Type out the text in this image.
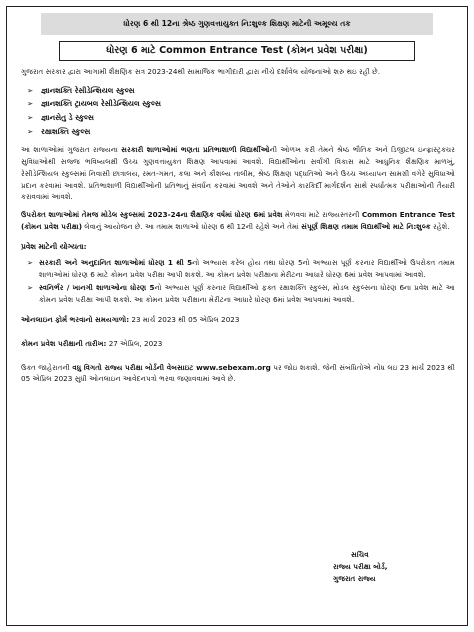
ધોરણ 6 થી 12ના શ્રેષ્ઠ ગુણવત્તાયુક્ત નિ:શુલ્ક શિક્ષણ માટેની અમૂલ્ય તક
ધોરણ 6 માટે Common Entrance Test (કોમન પ્રવેશ પરીક્ષા)

ગુજરાત સરકાર દ્વારા આગામી શૈક્ષણિક સત્ર 2023-24થી સામાજિક ભાગીદારી દ્વારા નીચે દર્શાવેલ યોજનાઓ શરુ થઇ રહી છે.

➢ જ્ઞાનશક્તિ રેસીડેન્શિયલ સ્કુલ્સ
➢ જ્ઞાનશક્તિ ટ્રાયબલ રેસીડેન્શિયલ સ્કુલ્સ
➢ જ્ઞાનસેતુ ડે સ્કુલ્સ
➢ રક્ષાશક્તિ સ્કુલ્સ

આ શાળાઓમાં ગુજરાત રાજ્યના સરકારી શાળાઓમાં ભણતા પ્રતિભાશાળી વિદ્યાર્થીઓની ઓળખ કરી તેમને શ્રેષ્ઠ ભૌતિક અને ડિજીટલ ઇન્ફ્રાસ્ટ્રક્ચર સુવિધાઓથી સજ્જ ભવિષ્યલક્ષી ઉચ્ચ ગુણવત્તાયુક્ત શિક્ષણ આપવામાં આવશે. વિદ્યાર્થીઓના સર્વાંગી વિકાસ માટે આધુનિક શૈક્ષણિક માળખું, રેસીડેન્શિયલ સ્કુલ્સમાં નિવાસી છાત્રાલય, રમત-ગમત, કલા અને કૌશલ્ય તાલીમ, શ્રેષ્ઠ શિક્ષણ પદ્ધતિઓ અને ઉચ્ચ અધ્યાપન સામગ્રી વગેરે સુવિધાઓ પ્રદાન કરવામાં આવશે. પ્રતિભાશાળી વિદ્યાર્થીઓની પ્રતિભાનું સંવર્ધન કરવામાં આવશે અને તેઓને કારકિર્દી માર્ગદર્શન સાથે સ્પર્ધાત્મક પરીક્ષાઓની તૈયારી કરાવવામાં આવશે.

ઉપરોક્ત શાળાઓમાં તેમજ મોડેલ સ્કુલ્સમાં 2023-24ના શૈક્ષણિક વર્ષમાં ધોરણ 6માં પ્રવેશ મેળવવા માટે રાજ્યસ્તરની Common Entrance Test (કોમન પ્રવેશ પરીક્ષા) લેવાનું આયોજન છે. આ તમામ શાળાઓ ધોરણ 6 થી 12ની રહેશે અને તેમાં સંપૂર્ણ શિક્ષણ તમામ વિદ્યાર્થીઓ માટે નિ:શુલ્ક રહેશે.

પ્રવેશ માટેની યોગ્યતા:
➢ સરકારી અને અનુદાનિત શાળાઓમાં ધોરણ 1 થી 5નો અભ્યાસ કરેલ હોય તથા ધોરણ 5નો અભ્યાસ પૂર્ણ કરનાર વિદ્યાર્થીઓ ઉપરોક્ત તમામ શાળાઓમાં ધોરણ 6 માટે કોમન પ્રવેશ પરીક્ષા આપી શકશે. આ કોમન પ્રવેશ પરીક્ષાના મેરીટના આધારે ધોરણ 6માં પ્રવેશ આપવામાં આવશે.
➢ સ્વનિર્ભર / ખાનગી શાળાઓના ધોરણ 5નો અભ્યાસ પૂર્ણ કરનાર વિદ્યાર્થીઓ ફક્ત રક્ષાશક્તિ સ્કુલ્સ, મોડલ સ્કુલ્સના ધોરણ 6ના પ્રવેશ માટે આ કોમન પ્રવેશ પરીક્ષા આપી શકશે. આ કોમન પ્રવેશ પરીક્ષાના મેરીટના આધારે ધોરણ 6માં પ્રવેશ આપવામાં આવશે.

ઓનલાઇન ફોર્મ ભરવાનો સમયગાળો: 23 માર્ચ 2023 થી 05 એપ્રિલ 2023

કોમન પ્રવેશ પરીક્ષાની તારીખ: 27 એપ્રિલ, 2023

ઉક્ત જાહેરાતની વધુ વિગતો રાજ્ય પરીક્ષા બોર્ડની વેબસાઇટ www.sebexam.org પર જોઇ શકાશે. જેની સંબંધિતોએ નોંધ લઇ 23 માર્ચ 2023 થી 05 એપ્રિલ 2023 સુધી ઓનલાઇન આવેદનપત્રો ભરવા જણાવવામાં આવે છે.

સચિવ
રાજ્ય પરીક્ષા બોર્ડ,
ગુજરાત રાજ્ય
